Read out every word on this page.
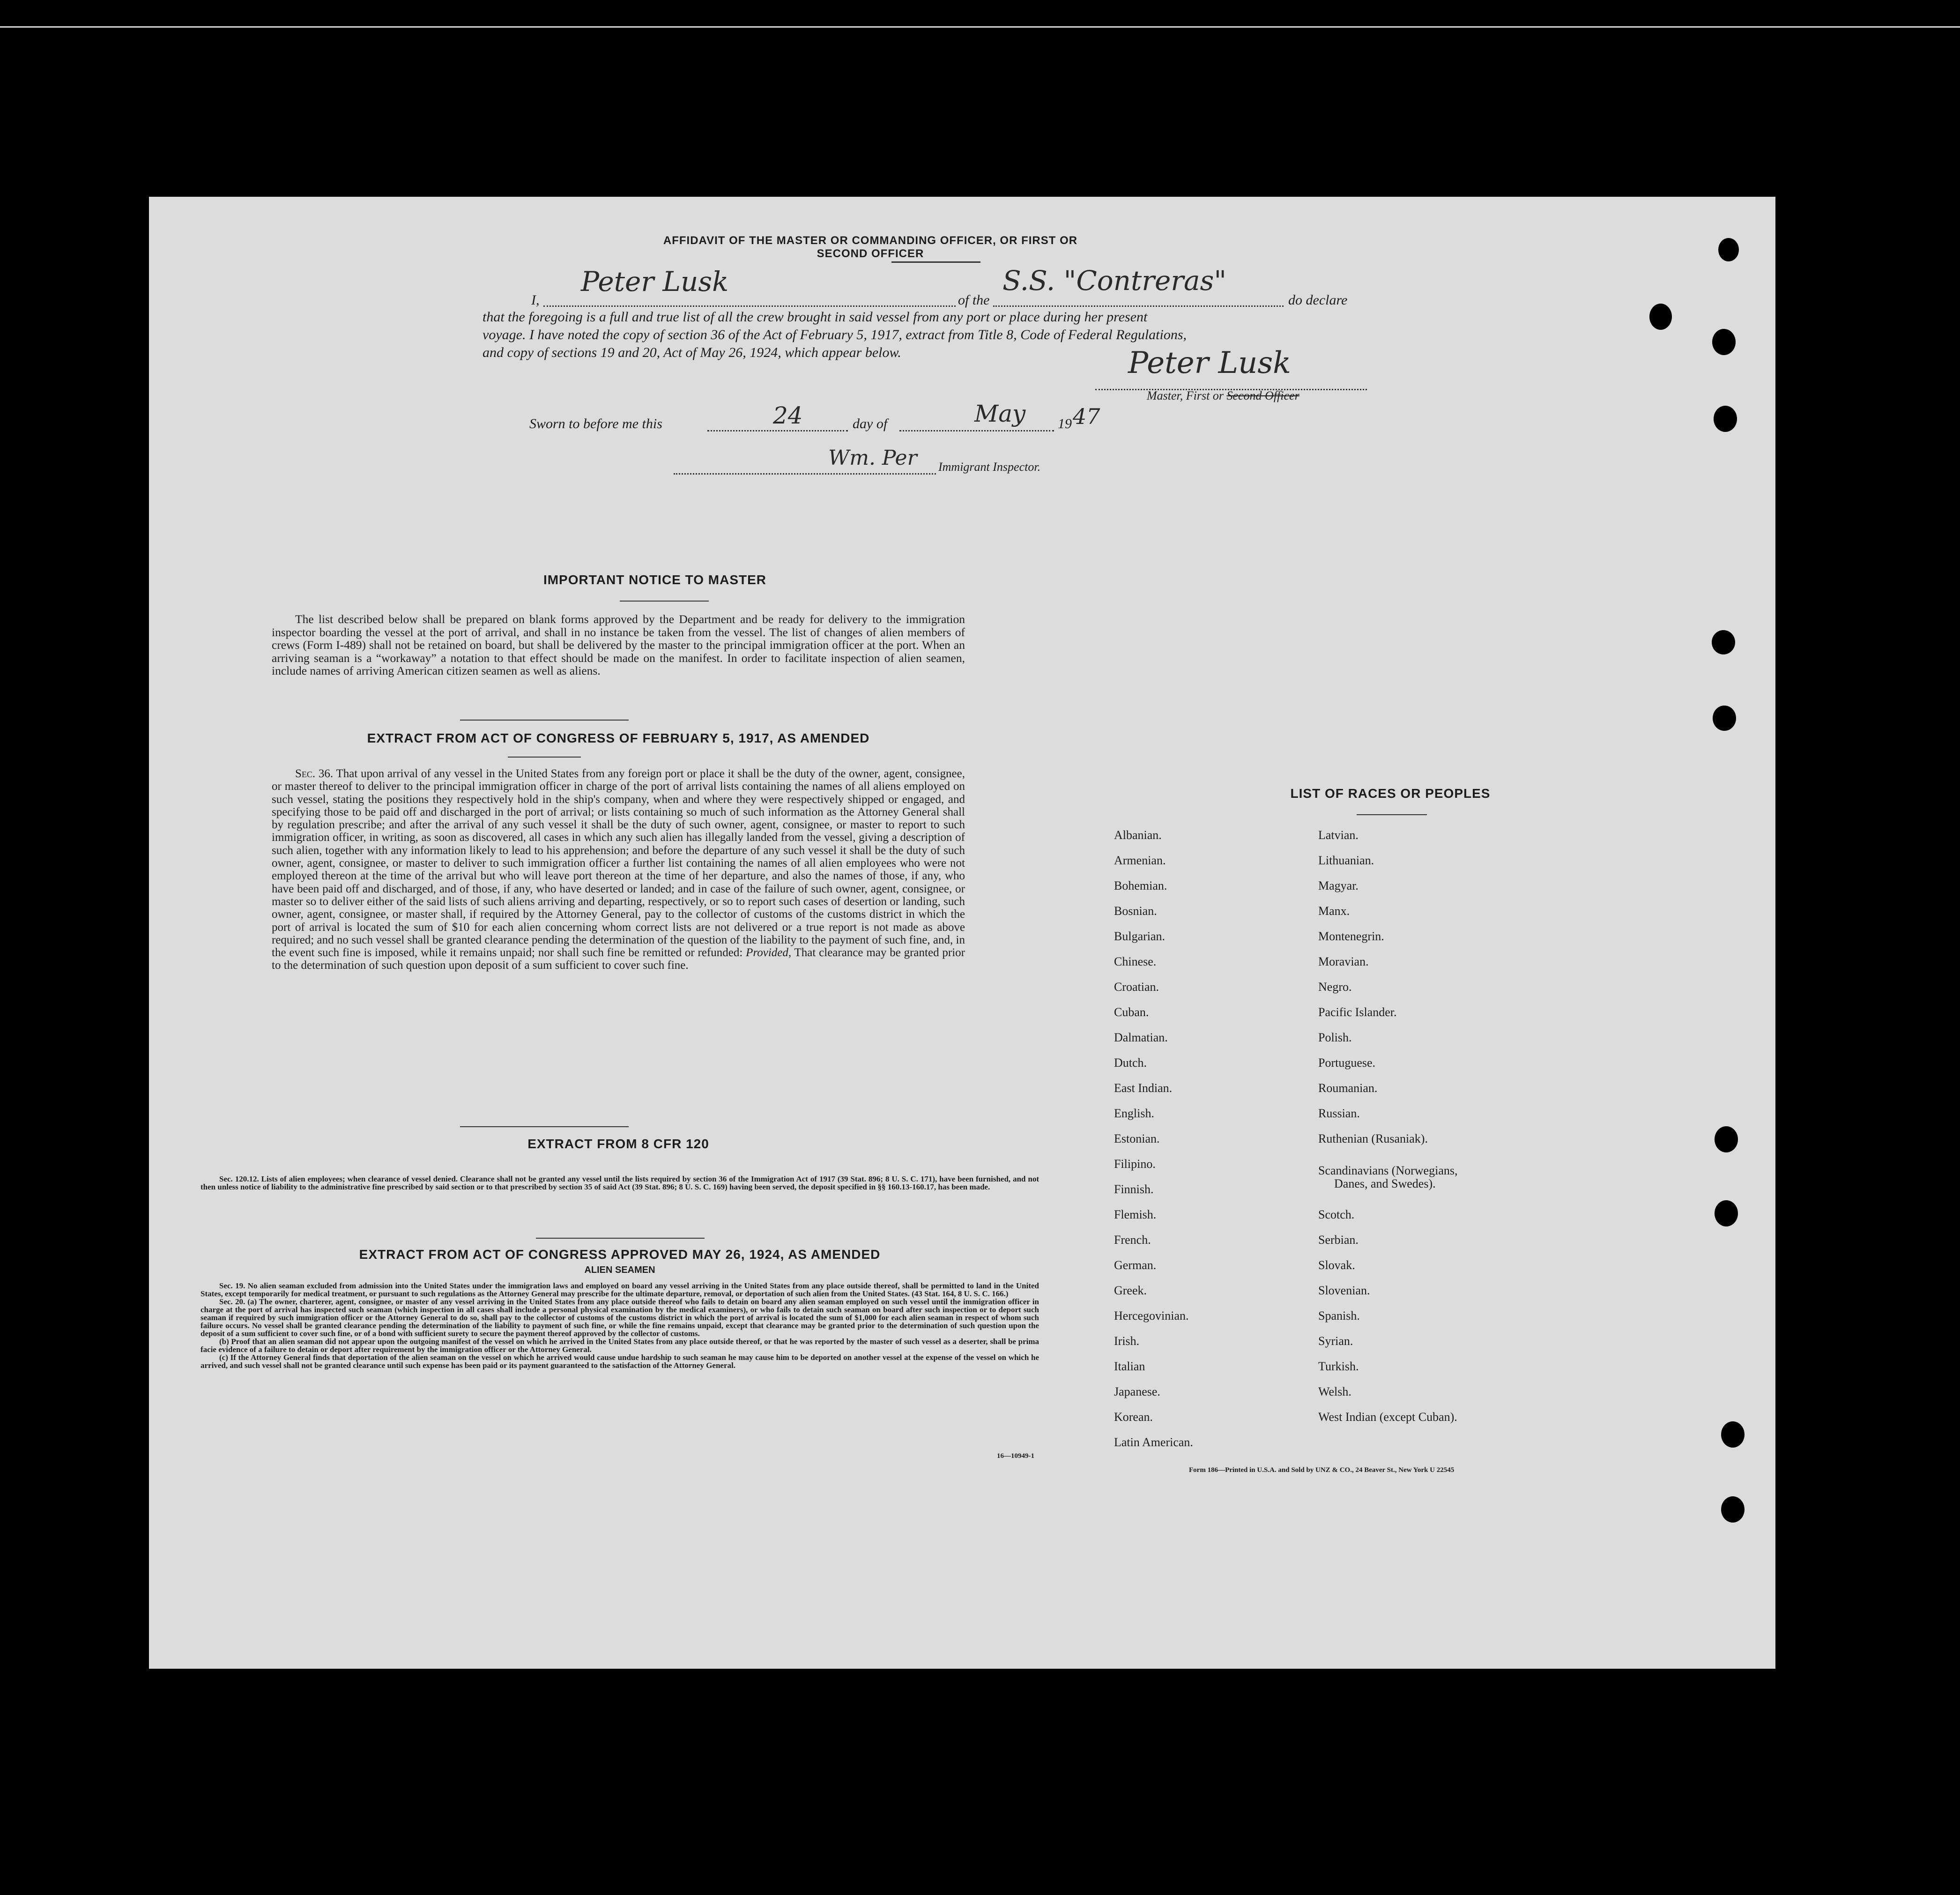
AFFIDAVIT OF THE MASTER OR COMMANDING OFFICER, OR FIRST OR SECOND OFFICER
I,
Peter Lusk
of the
S.S. "Contreras"
do declare
that the foregoing is a full and true list of all the crew brought in said vessel from any port or place during her present
voyage. I have noted the copy of section 36 of the Act of February 5, 1917, extract from Title 8, Code of Federal Regulations,
and copy of sections 19 and 20, Act of May 26, 1924, which appear below.	Peter Lusk
Master, First or Second Officer
Sworn to before me this	24	day of	May 19 47
Wm. Per Immigrant Inspector.
IMPORTANT NOTICE TO MASTER
The list described below shall be prepared on blank forms approved by the Department and be ready for delivery to the immigration inspector boarding the vessel at the port of arrival, and shall in no instance be taken from the vessel. The list of changes of alien members of crews (Form I-489) shall not be retained on board, but shall be delivered by the master to the principal immigration officer at the port. When an arriving seaman is a “workaway” a notation to that effect should be made on the manifest. In order to facilitate inspection of alien seamen, include names of arriving American citizen seamen as well as aliens.
EXTRACT FROM ACT OF CONGRESS OF FEBRUARY 5, 1917, AS AMENDED
Sec. 36. That upon arrival of any vessel in the United States from any foreign port or place it shall be the duty of the owner, agent, consignee, or master thereof to deliver to the principal immigration officer in charge of the port of arrival lists containing the names of all aliens employed on such vessel, stating the positions they respectively hold in the ship's company, when and where they were respectively shipped or engaged, and specifying those to be paid off and discharged in the port of arrival; or lists containing so much of such information as the Attorney General shall by regulation prescribe; and after the arrival of any such vessel it shall be the duty of such owner, agent, consignee, or master to report to such immigration officer, in writing, as soon as discovered, all cases in which any such alien has illegally landed from the vessel, giving a description of such alien, together with any information likely to lead to his apprehension; and before the departure of any such vessel it shall be the duty of such owner, agent, consignee, or master to deliver to such immigration officer a further list containing the names of all alien employees who were not employed thereon at the time of the arrival but who will leave port thereon at the time of her departure, and also the names of those, if any, who have been paid off and discharged, and of those, if any, who have deserted or landed; and in case of the failure of such owner, agent, consignee, or master so to deliver either of the said lists of such aliens arriving and departing, respectively, or so to report such cases of desertion or landing, such owner, agent, consignee, or master shall, if required by the Attorney General, pay to the collector of customs of the customs district in which the port of arrival is located the sum of $10 for each alien concerning whom correct lists are not delivered or a true report is not made as above required; and no such vessel shall be granted clearance pending the determination of the question of the liability to the payment of such fine, and, in the event such fine is imposed, while it remains unpaid; nor shall such fine be remitted or refunded: Provided, That clearance may be granted prior to the determination of such question upon deposit of a sum sufficient to cover such fine.
EXTRACT FROM 8 CFR 120
Sec. 120.12. Lists of alien employees; when clearance of vessel denied. Clearance shall not be granted any vessel until the lists required by section 36 of the Immigration Act of 1917 (39 Stat. 896; 8 U. S. C. 171), have been furnished, and not then unless notice of liability to the administrative fine prescribed by said section or to that prescribed by section 35 of said Act (39 Stat. 896; 8 U. S. C. 169) having been served, the deposit specified in §§ 160.13-160.17, has been made.
EXTRACT FROM ACT OF CONGRESS APPROVED MAY 26, 1924, AS AMENDED
ALIEN SEAMEN
Sec. 19. No alien seaman excluded from admission into the United States under the immigration laws and employed on board any vessel arriving in the United States from any place outside thereof, shall be permitted to land in the United States, except temporarily for medical treatment, or pursuant to such regulations as the Attorney General may prescribe for the ultimate departure, removal, or deportation of such alien from the United States. (43 Stat. 164, 8 U. S. C. 166.)
Sec. 20. (a) The owner, charterer, agent, consignee, or master of any vessel arriving in the United States from any place outside thereof who fails to detain on board any alien seaman employed on such vessel until the immigration officer in charge at the port of arrival has inspected such seaman (which inspection in all cases shall include a personal physical examination by the medical examiners), or who fails to detain such seaman on board after such inspection or to deport such seaman if required by such immigration officer or the Attorney General to do so, shall pay to the collector of customs of the customs district in which the port of arrival is located the sum of $1,000 for each alien seaman in respect of whom such failure occurs. No vessel shall be granted clearance pending the determination of the liability to payment of such fine, or while the fine remains unpaid, except that clearance may be granted prior to the determination of such question upon the deposit of a sum sufficient to cover such fine, or of a bond with sufficient surety to secure the payment thereof approved by the collector of customs.
(b) Proof that an alien seaman did not appear upon the outgoing manifest of the vessel on which he arrived in the United States from any place outside thereof, or that he was reported by the master of such vessel as a deserter, shall be prima facie evidence of a failure to detain or deport after requirement by the immigration officer or the Attorney General.
(c) If the Attorney General finds that deportation of the alien seaman on the vessel on which he arrived would cause undue hardship to such seaman he may cause him to be deported on another vessel at the expense of the vessel on which he arrived, and such vessel shall not be granted clearance until such expense has been paid or its payment guaranteed to the satisfaction of the Attorney General.
16—10949-1
LIST OF RACES OR PEOPLES
Albanian.
Armenian.
Bohemian.
Bosnian.
Bulgarian.
Chinese.
Croatian.
Cuban.
Dalmatian.
Dutch.
East Indian.
English.
Estonian.
Filipino.
Finnish.
Flemish.
French.
German.
Greek.
Hercegovinian.
Irish.
Italian
Japanese.
Korean.
Latin American.
Latvian.
Lithuanian.
Magyar.
Manx.
Montenegrin.
Moravian.
Negro.
Pacific Islander.
Polish.
Portuguese.
Roumanian.
Russian.
Ruthenian (Rusaniak).
Scandinavians (Norwegians,
Danes, and Swedes).
Scotch.
Serbian.
Slovak.
Slovenian.
Spanish.
Syrian.
Turkish.
Welsh.
West Indian (except Cuban).
Form 186—Printed in U.S.A. and Sold by UNZ & CO., 24 Beaver St., New York U 22545
